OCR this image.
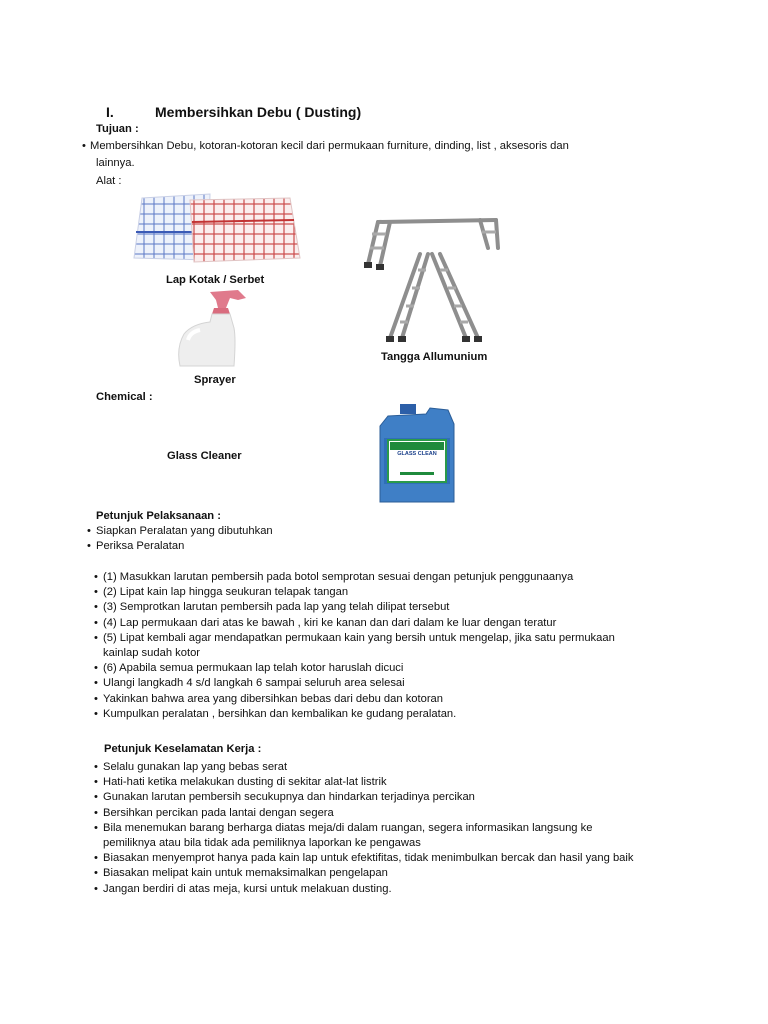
I.	Membersihkan Debu ( Dusting)
Tujuan :
• Membersihkan Debu, kotoran-kotoran kecil dari permukaan furniture, dinding, list , aksesoris dan
lainnya.
Alat :
Lap Kotak / Serbet
Sprayer
Tangga Allumunium
Chemical :
Glass Cleaner	GLASS CLEAN
Petunjuk Pelaksanaan :
• Siapkan Peralatan yang dibutuhkan
• Periksa Peralatan
• (1) Masukkan larutan pembersih pada botol semprotan sesuai dengan petunjuk penggunaanya
• (2) Lipat kain lap hingga seukuran telapak tangan
• (3) Semprotkan larutan pembersih pada lap yang telah dilipat tersebut
• (4) Lap permukaan dari atas ke bawah , kiri ke kanan dan dari dalam ke luar dengan teratur
• (5) Lipat kembali agar mendapatkan permukaan kain yang bersih untuk mengelap, jika satu permukaan
kainlap sudah kotor
• (6) Apabila semua permukaan lap telah kotor haruslah dicuci
• Ulangi langkadh 4 s/d langkah 6 sampai seluruh area selesai
• Yakinkan bahwa area yang dibersihkan bebas dari debu dan kotoran
• Kumpulkan peralatan , bersihkan dan kembalikan ke gudang peralatan.
Petunjuk Keselamatan Kerja :
• Selalu gunakan lap yang bebas serat
• Hati-hati ketika melakukan dusting di sekitar alat-lat listrik
• Gunakan larutan pembersih secukupnya dan hindarkan terjadinya percikan
• Bersihkan percikan pada lantai dengan segera
• Bila menemukan barang berharga diatas meja/di dalam ruangan, segera informasikan langsung ke
pemiliknya atau bila tidak ada pemiliknya laporkan ke pengawas
• Biasakan menyemprot hanya pada kain lap untuk efektifitas, tidak menimbulkan bercak dan hasil yang baik
• Biasakan melipat kain untuk memaksimalkan pengelapan
• Jangan berdiri di atas meja, kursi untuk melakuan dusting.
